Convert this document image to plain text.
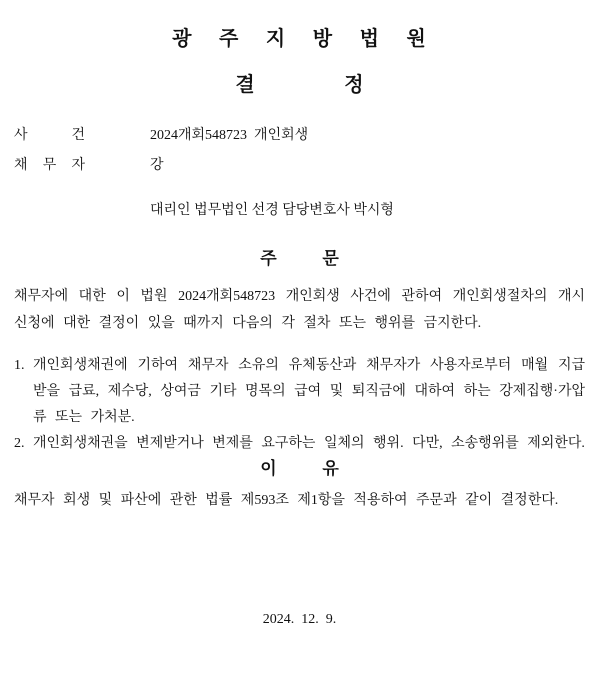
광 주 지 방 법 원
결 정
사 건	2024개회548723  개인회생
채 무 자	강
대리인 법무법인 선경 담당변호사 박시형
주 문

채무자에 대한 이 법원 2024개회548723 개인회생 사건에 관하여 개인회생절차의 개시 신청에 대한 결정이 있을 때까지 다음의 각 절차 또는 행위를 금지한다.

1. 개인회생채권에 기하여 채무자 소유의 유체동산과 채무자가 사용자로부터 매월 지급받을 급료, 제수당, 상여금 기타 명목의 급여 및 퇴직금에 대하여 하는 강제집행·가압류 또는 가처분.
2. 개인회생채권을 변제받거나 변제를 요구하는 일체의 행위. 다만, 소송행위를 제외한다.
이 유

채무자 회생 및 파산에 관한 법률 제593조 제1항을 적용하여 주문과 같이 결정한다.

2024.  12.  9.
